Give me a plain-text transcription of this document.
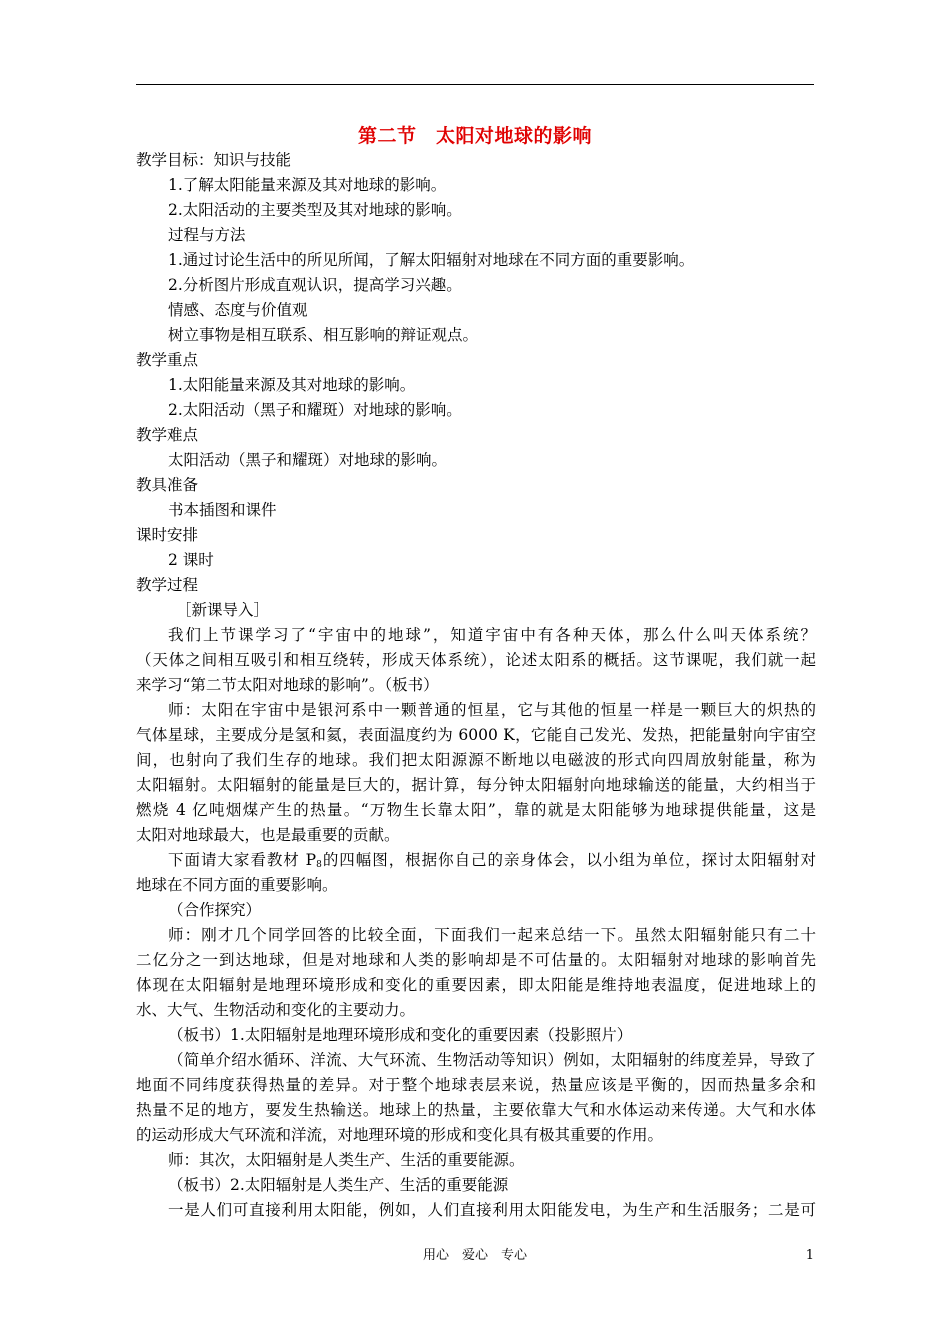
第二节　太阳对地球的影响
教学目标：知识与技能
1.了解太阳能量来源及其对地球的影响。
2.太阳活动的主要类型及其对地球的影响。
过程与方法
1.通过讨论生活中的所见所闻，了解太阳辐射对地球在不同方面的重要影响。
2.分析图片形成直观认识，提高学习兴趣。
情感、态度与价值观
树立事物是相互联系、相互影响的辩证观点。
教学重点
1.太阳能量来源及其对地球的影响。
2.太阳活动（黑子和耀斑）对地球的影响。
教学难点
太阳活动（黑子和耀斑）对地球的影响。
教具准备
书本插图和课件
课时安排
2 课时
教学过程
［新课导入］
我们上节课学习了“宇宙中的地球”，知道宇宙中有各种天体，那么什么叫天体系统？
（天体之间相互吸引和相互绕转，形成天体系统），论述太阳系的概括。这节课呢，我们就一起
来学习“第二节太阳对地球的影响”。（板书）
师：太阳在宇宙中是银河系中一颗普通的恒星，它与其他的恒星一样是一颗巨大的炽热的
气体星球，主要成分是氢和氦，表面温度约为 6000 K，它能自己发光、发热，把能量射向宇宙空
间，也射向了我们生存的地球。我们把太阳源源不断地以电磁波的形式向四周放射能量，称为
太阳辐射。太阳辐射的能量是巨大的，据计算，每分钟太阳辐射向地球输送的能量，大约相当于
燃烧 4 亿吨烟煤产生的热量。“万物生长靠太阳”，靠的就是太阳能够为地球提供能量，这是
太阳对地球最大，也是最重要的贡献。
下面请大家看教材 $P_8$的四幅图，根据你自己的亲身体会，以小组为单位，探讨太阳辐射对
地球在不同方面的重要影响。
（合作探究）
师：刚才几个同学回答的比较全面，下面我们一起来总结一下。虽然太阳辐射能只有二十
二亿分之一到达地球，但是对地球和人类的影响却是不可估量的。太阳辐射对地球的影响首先
体现在太阳辐射是地理环境形成和变化的重要因素，即太阳能是维持地表温度，促进地球上的
水、大气、生物活动和变化的主要动力。
（板书）1.太阳辐射是地理环境形成和变化的重要因素（投影照片）
（简单介绍水循环、洋流、大气环流、生物活动等知识）例如，太阳辐射的纬度差异，导致了
地面不同纬度获得热量的差异。对于整个地球表层来说，热量应该是平衡的，因而热量多余和
热量不足的地方，要发生热输送。地球上的热量，主要依靠大气和水体运动来传递。大气和水体
的运动形成大气环流和洋流，对地理环境的形成和变化具有极其重要的作用。
师：其次，太阳辐射是人类生产、生活的重要能源。
（板书）2.太阳辐射是人类生产、生活的重要能源
一是人们可直接利用太阳能，例如，人们直接利用太阳能发电，为生产和生活服务；二是可
用心　爱心　专心	1
